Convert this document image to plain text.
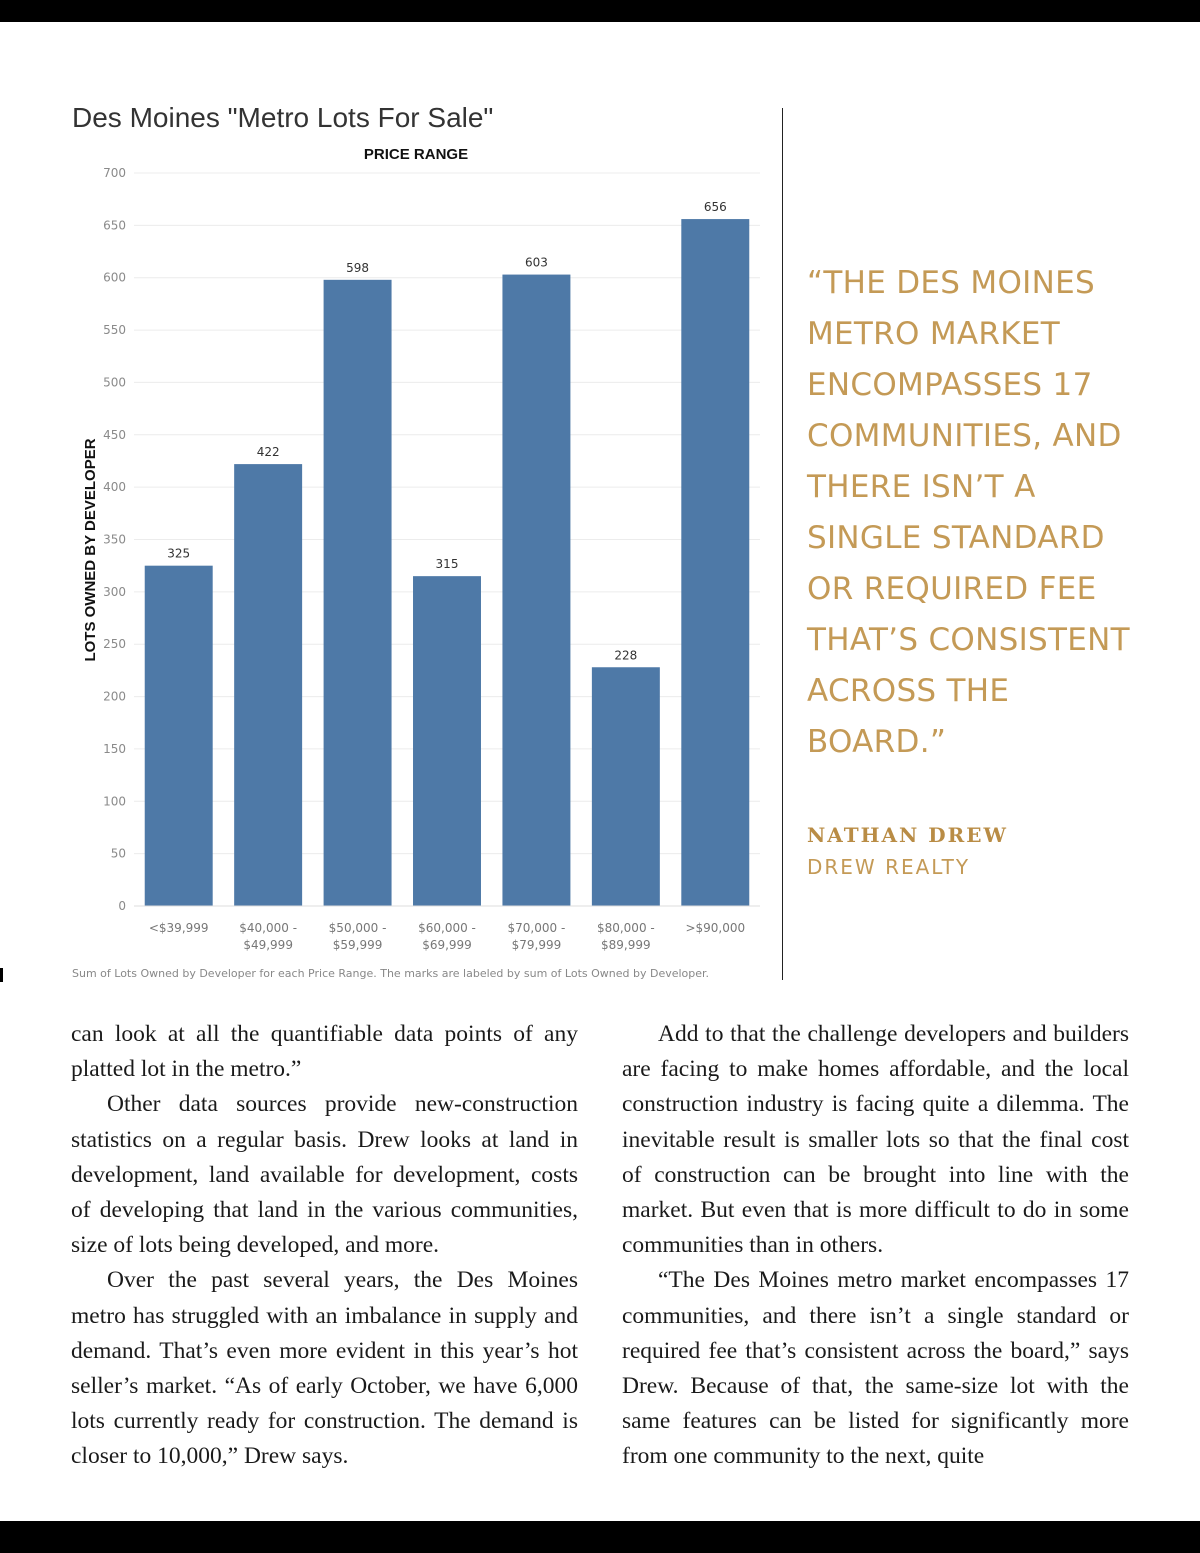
Des Moines "Metro Lots For Sale"
PRICE RANGE
0
50
100
150
200
250
300
350
400
450
500
550
600
650
700
LOTS OWNED BY DEVELOPER	325
<$39,999
422
$40,000 -
$49,999
598
$50,000 -
$59,999
315
$60,000 -
$69,999
603
$70,000 -
$79,999
228
$80,000 -
$89,999
656
>$90,000
Sum of Lots Owned by Developer for each Price Range. The marks are labeled by sum of Lots Owned by Developer.
“THE DES MOINES METRO MARKET ENCOMPASSES 17 COMMUNITIES, AND THERE ISN’T A SINGLE STANDARD OR REQUIRED FEE THAT’S CONSISTENT ACROSS THE BOARD.”
NATHAN DREW
DREW REALTY

can look at all the quantifiable data points of any platted lot in the metro.”

Other data sources provide new-construction statistics on a regular basis. Drew looks at land in development, land available for development, costs of developing that land in the various communities, size of lots being developed, and more.

Over the past several years, the Des Moines metro has struggled with an imbalance in supply and demand. That’s even more evident in this year’s hot seller’s market. “As of early October, we have 6,000 lots currently ready for construction. The demand is closer to 10,000,” Drew says.

Add to that the challenge developers and builders are facing to make homes affordable, and the local construction industry is facing quite a dilemma. The inevitable result is smaller lots so that the final cost of construction can be brought into line with the market. But even that is more difficult to do in some communities than in others.

“The Des Moines metro market encompasses 17 communities, and there isn’t a single standard or required fee that’s consistent across the board,” says Drew. Because of that, the same-size lot with the same features can be listed for significantly more from one community to the next, quite
